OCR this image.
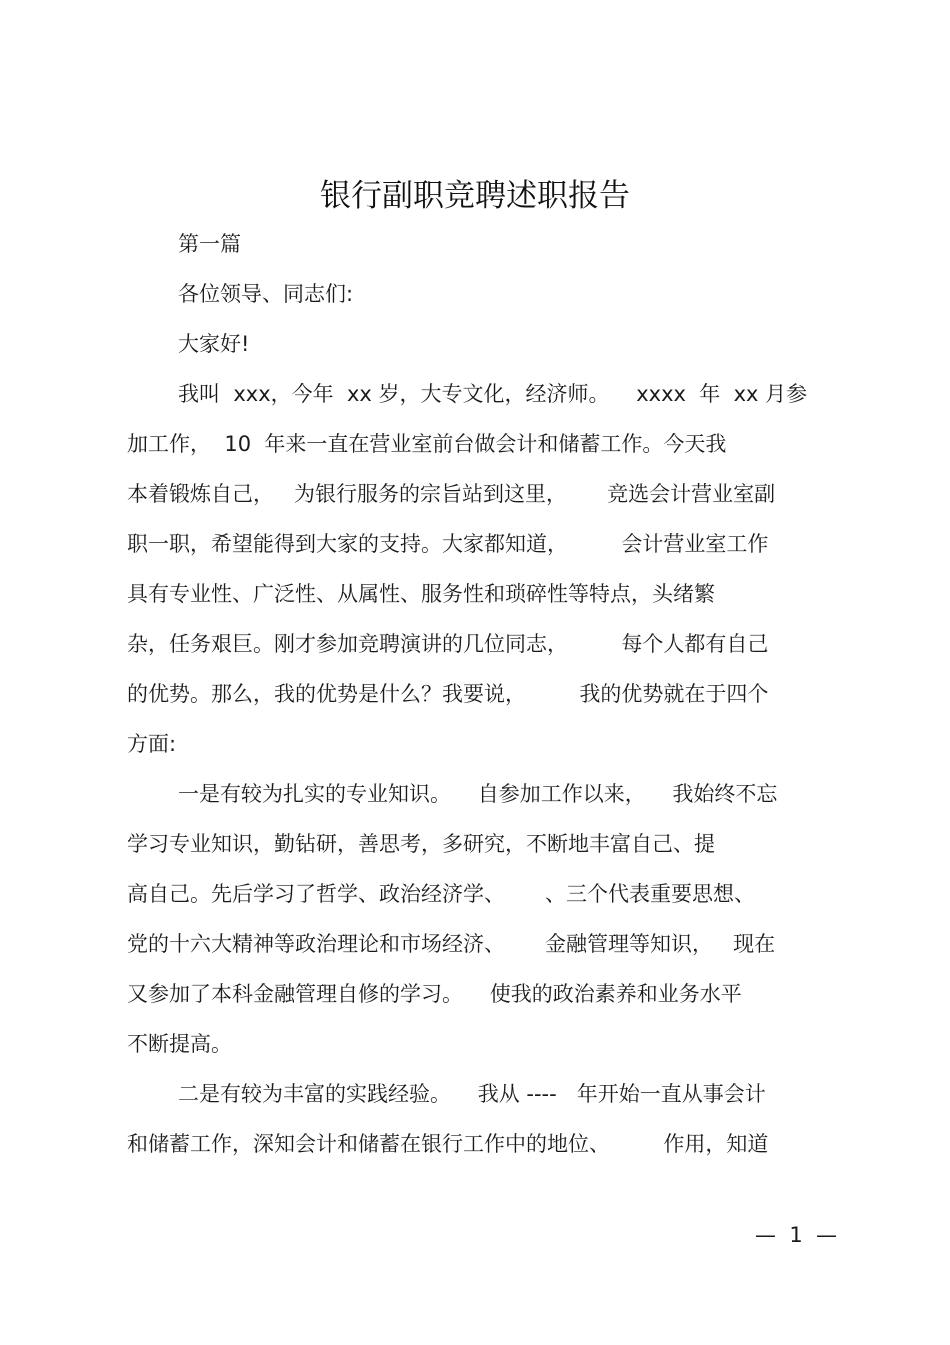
银行副职竞聘述职报告
第一篇
各位领导、同志们:
大家好!
我叫  xxx，今年  xx 岁，大专文化，经济师。    xxxx  年  xx 月参
加工作，  10  年来一直在营业室前台做会计和储蓄工作。今天我
本着锻炼自己，   为银行服务的宗旨站到这里，      竞选会计营业室副
职一职，希望能得到大家的支持。大家都知道，        会计营业室工作
具有专业性、广泛性、从属性、服务性和琐碎性等特点，头绪繁
杂，任务艰巨。刚才参加竞聘演讲的几位同志，        每个人都有自己
的优势。那么，我的优势是什么？我要说，        我的优势就在于四个
方面:
一是有较为扎实的专业知识。    自参加工作以来，    我始终不忘
学习专业知识，勤钻研，善思考，多研究，不断地丰富自己、提
高自己。先后学习了哲学、政治经济学、      、三个代表重要思想、
党的十六大精神等政治理论和市场经济、      金融管理等知识，   现在
又参加了本科金融管理自修的学习。    使我的政治素养和业务水平
不断提高。
二是有较为丰富的实践经验。    我从 ----   年开始一直从事会计
和储蓄工作，深知会计和储蓄在银行工作中的地位、        作用，知道
—  1  —
